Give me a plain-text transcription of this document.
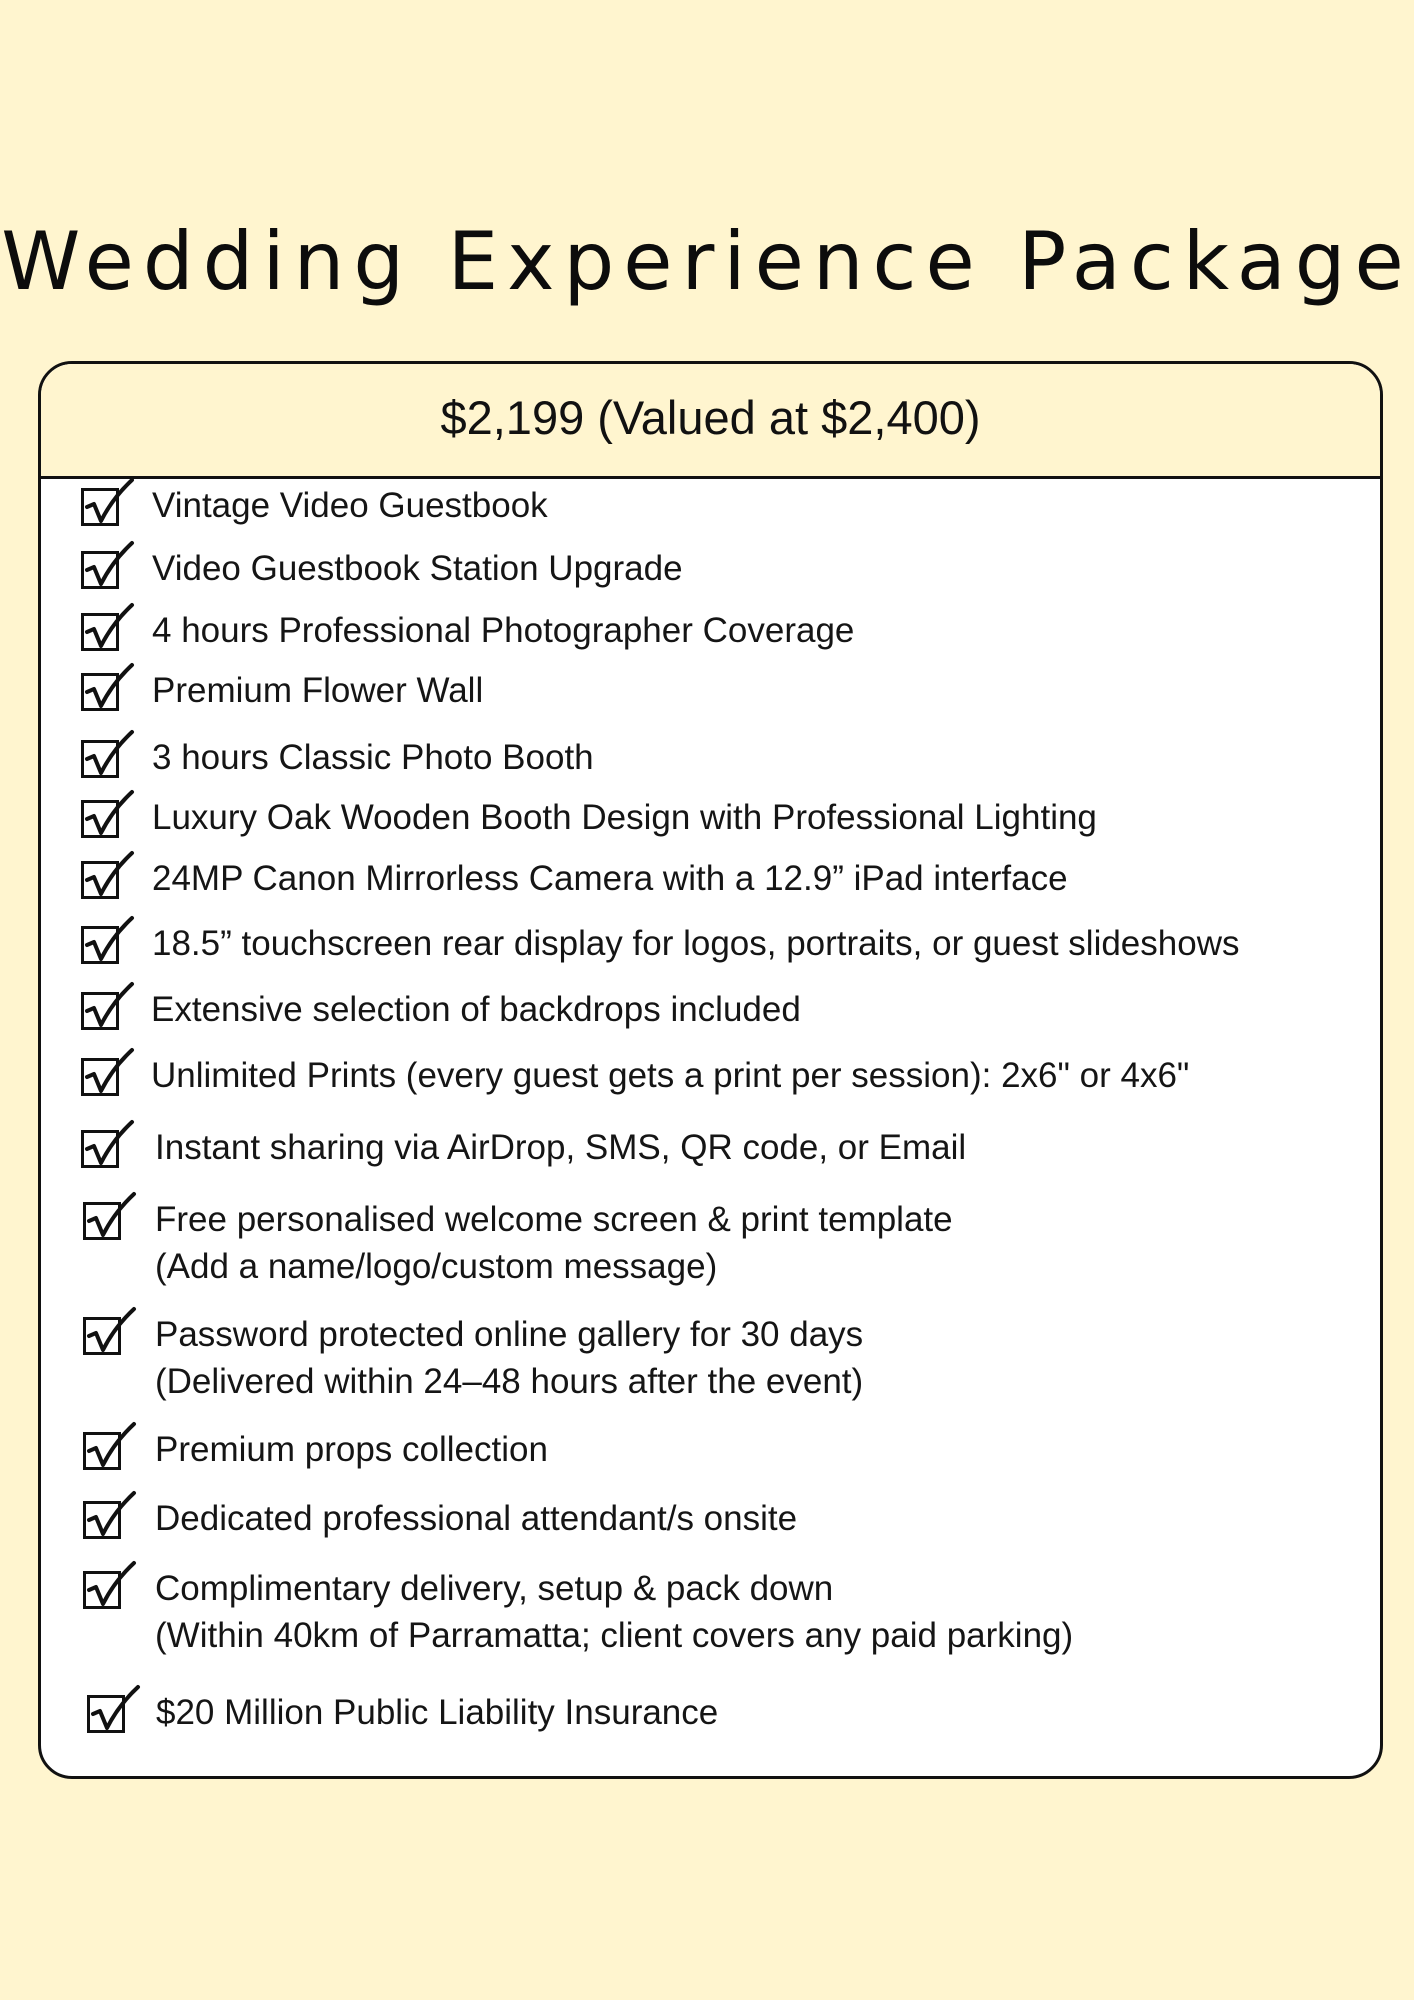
Wedding Experience Package
$2,199 (Valued at $2,400)
Vintage Video Guestbook
Video Guestbook Station Upgrade
4 hours Professional Photographer Coverage
Premium Flower Wall
3 hours Classic Photo Booth
Luxury Oak Wooden Booth Design with Professional Lighting
24MP Canon Mirrorless Camera with a 12.9” iPad interface
18.5” touchscreen rear display for logos, portraits, or guest slideshows
Extensive selection of backdrops included
Unlimited Prints (every guest gets a print per session): 2x6" or 4x6"
Instant sharing via AirDrop, SMS, QR code, or Email
Free personalised welcome screen & print template
(Add a name/logo/custom message)
Password protected online gallery for 30 days
(Delivered within 24–48 hours after the event)
Premium props collection
Dedicated professional attendant/s onsite
Complimentary delivery, setup & pack down
(Within 40km of Parramatta; client covers any paid parking)
$20 Million Public Liability Insurance
